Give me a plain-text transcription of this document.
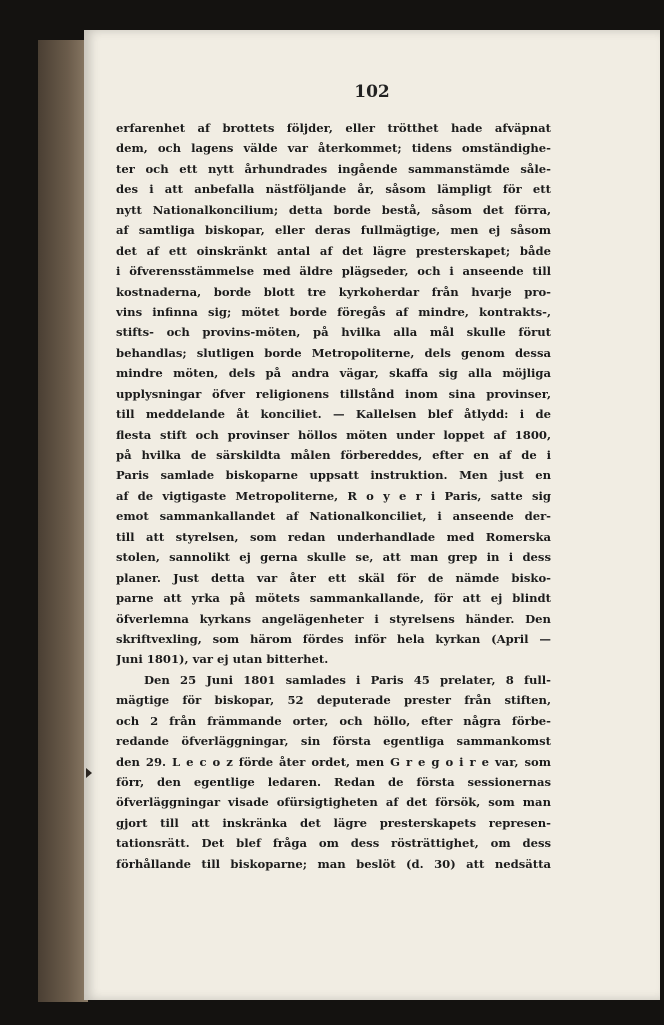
102
erfarenhet af brottets följder, eller trötthet hade afväpnat
dem, och lagens välde var återkommet; tidens omständighe-
ter och ett nytt århundrades ingående sammanstämde såle-
des i att anbefalla nästföljande år, såsom lämpligt för ett
nytt Nationalkoncilium; detta borde bestå, såsom det förra,
af samtliga biskopar, eller deras fullmägtige, men ej såsom
det af ett oinskränkt antal af det lägre presterskapet; både
i öfverensstämmelse med äldre plägseder, och i anseende till
kostnaderna, borde blott tre kyrkoherdar från hvarje pro-
vins infinna sig; mötet borde föregås af mindre, kontrakts-,
stifts- och provins-möten, på hvilka alla mål skulle förut
behandlas; slutligen borde Metropoliterne, dels genom dessa
mindre möten, dels på andra vägar, skaffa sig alla möjliga
upplysningar öfver religionens tillstånd inom sina provinser,
till meddelande åt konciliet. — Kallelsen blef åtlydd: i de
flesta stift och provinser höllos möten under loppet af 1800,
på hvilka de särskildta målen förbereddes, efter en af de i
Paris samlade biskoparne uppsatt instruktion. Men just en
af de vigtigaste Metropoliterne, R o y e r i Paris, satte sig
emot sammankallandet af Nationalkonciliet, i anseende der-
till att styrelsen, som redan underhandlade med Romerska
stolen, sannolikt ej gerna skulle se, att man grep in i dess
planer. Just detta var åter ett skäl för de nämde bisko-
parne att yrka på mötets sammankallande, för att ej blindt
öfverlemna kyrkans angelägenheter i styrelsens händer. Den
skriftvexling, som härom fördes inför hela kyrkan (April —
Juni 1801), var ej utan bitterhet.
Den 25 Juni 1801 samlades i Paris 45 prelater, 8 full-
mägtige för biskopar, 52 deputerade prester från stiften,
och 2 från främmande orter, och höllo, efter några förbe-
redande öfverläggningar, sin första egentliga sammankomst
den 29. L e c o z förde åter ordet, men G r e g o i r e var, som
förr, den egentlige ledaren. Redan de första sessionernas
öfverläggningar visade ofürsigtigheten af det försök, som man
gjort till att inskränka det lägre presterskapets represen-
tationsrätt. Det blef fråga om dess rösträttighet, om dess
förhållande till biskoparne; man beslöt (d. 30) att nedsätta
